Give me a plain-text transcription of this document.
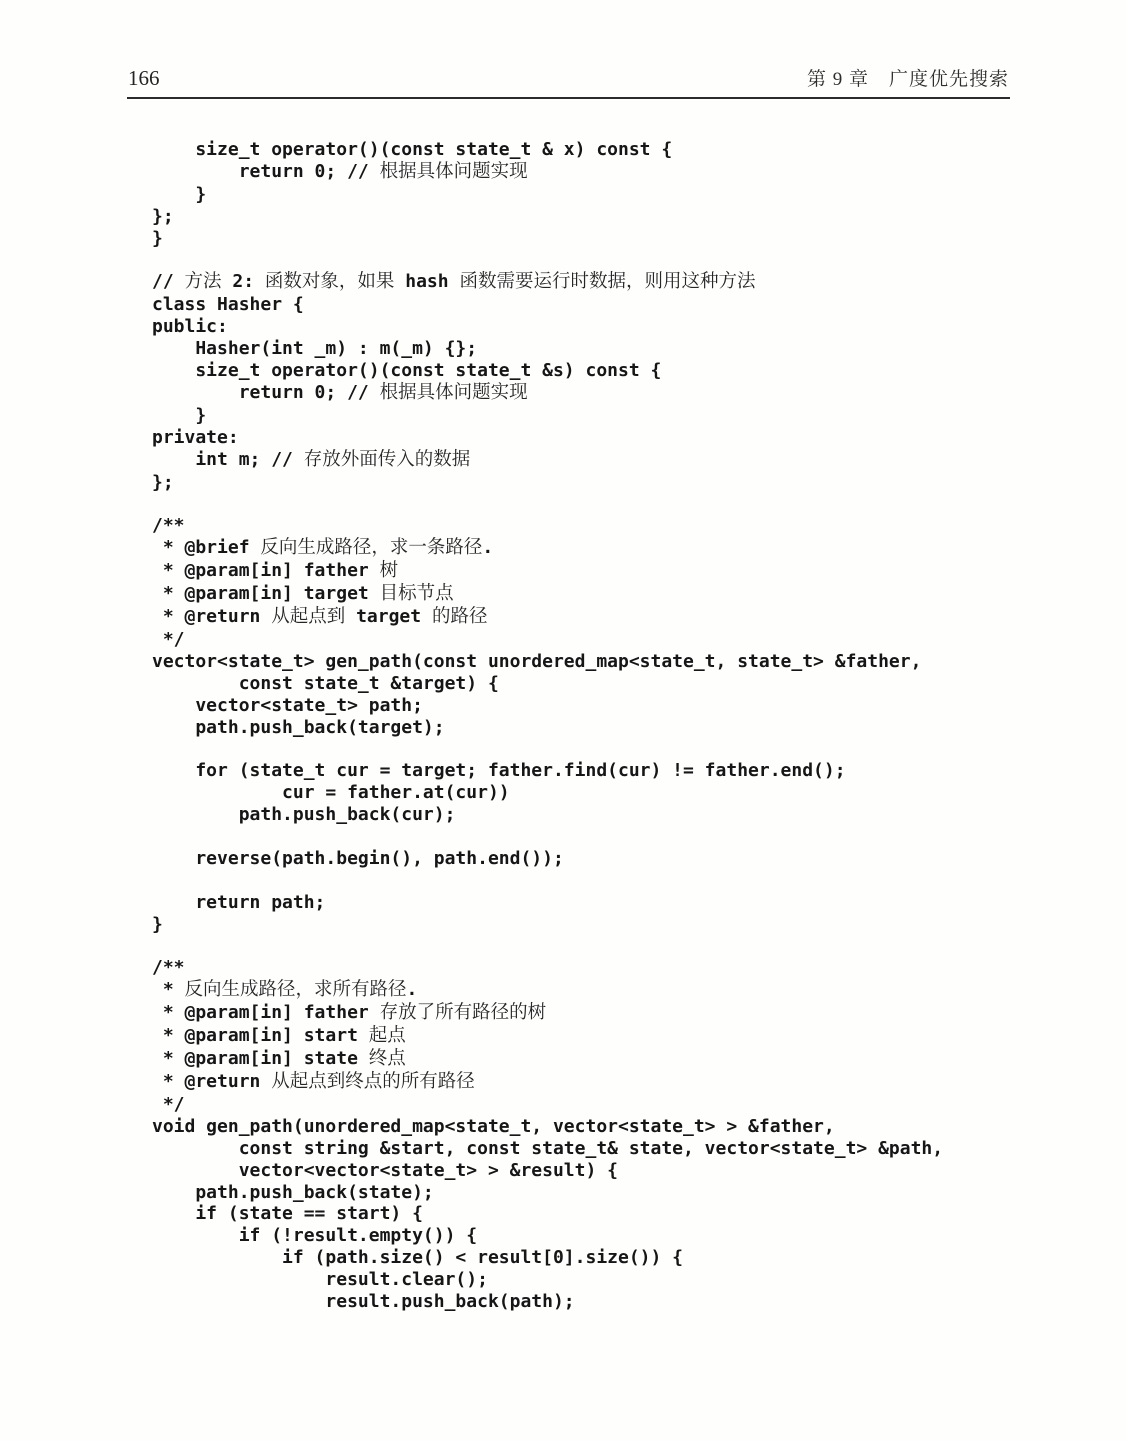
166	第 9 章　广度优先搜索
size_t operator()(const state_t & x) const {
return 0; // 根据具体问题实现
}
};
}
// 方法 2: 函数对象，如果 hash 函数需要运行时数据，则用这种方法
class Hasher {
public:
Hasher(int _m) : m(_m) {};
size_t operator()(const state_t &s) const {
return 0; // 根据具体问题实现
}
private:
int m; // 存放外面传入的数据
};
/**
* @brief 反向生成路径，求一条路径.
* @param[in] father 树
* @param[in] target 目标节点
* @return 从起点到 target 的路径
*/
vector<state_t> gen_path(const unordered_map<state_t, state_t> &father,
const state_t &target) {
vector<state_t> path;
path.push_back(target);
for (state_t cur = target; father.find(cur) != father.end();
cur = father.at(cur))
path.push_back(cur);
reverse(path.begin(), path.end());
return path;
}
/**
* 反向生成路径，求所有路径.
* @param[in] father 存放了所有路径的树
* @param[in] start 起点
* @param[in] state 终点
* @return 从起点到终点的所有路径
*/
void gen_path(unordered_map<state_t, vector<state_t> > &father,
const string &start, const state_t& state, vector<state_t> &path,
vector<vector<state_t> > &result) {
path.push_back(state);
if (state == start) {
if (!result.empty()) {
if (path.size() < result[0].size()) {
result.clear();
result.push_back(path);
